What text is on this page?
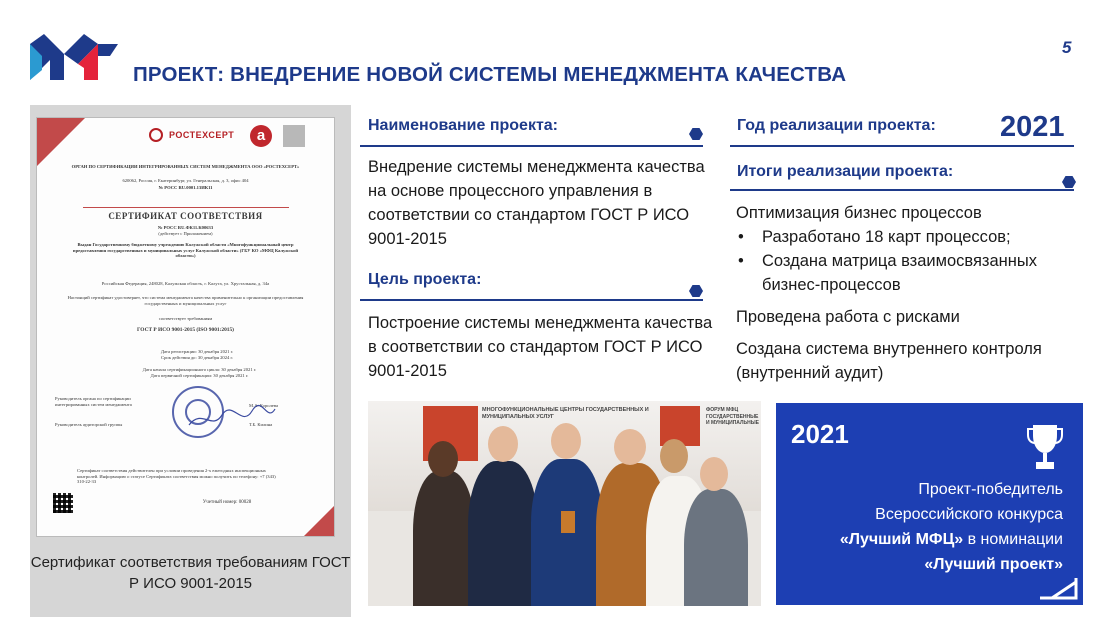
ПРОЕКТ: ВНЕДРЕНИЕ НОВОЙ СИСТЕМЫ МЕНЕДЖМЕНТА КАЧЕСТВА
5
РОСТЕХСЕРТ	a
ОРГАН ПО СЕРТИФИКАЦИИ ИНТЕГРИРОВАННЫХ СИСТЕМ МЕНЕДЖМЕНТА ООО «РОСТЕХСЕРТ»
620062, Россия, г. Екатеринбург, ул. Генеральская, д. 3, офис 404
№ РОСС RU.0001.13ИК11
СЕРТИФИКАТ СООТВЕТСТВИЯ
№ РОСС RU.ФК11.К00633
(действует с Приложением)
Выдан Государственному бюджетному учреждению Калужской области «Многофункциональный центр предоставления государственных и муниципальных услуг Калужской области» (ГБУ КО «МФЦ Калужской области»)
Российская Федерация, 248028, Калужская область, г. Калуга, ул. Хрустальная, д. 34а
Настоящий сертификат удостоверяет, что система менеджмента качества применительно к организации предоставления государственных и муниципальных услуг
соответствует требованиям
ГОСТ Р ИСО 9001-2015 (ISO 9001:2015)
Дата регистрации: 30 декабря 2021 г.
Срок действия до: 30 декабря 2024 г.
Дата начала сертификационного цикла: 30 декабря 2021 г.
Дата первичной сертификации: 30 декабря 2021 г.
Руководитель органа по сертификации интегрированных систем менеджмента	М.А. Королева
Руководитель аудиторской группы	Т.Б. Килина
Сертификат соответствия действителен при условии проведения 2-х ежегодных инспекционных контролей. Информацию о статусе Сертификата соответствия можно получить по телефону: +7 (343) 310-22-33
Учетный номер: 00028
Сертификат соответствия требованиям ГОСТ Р ИСО 9001-2015
Наименование проекта:
Внедрение системы менеджмента качества на основе процессного управления в соответствии со стандартом ГОСТ Р ИСО 9001-2015
Цель проекта:
Построение системы менеджмента качества в соответствии со стандартом ГОСТ Р ИСО 9001-2015
Год реализации проекта: 2021
Итоги реализации проекта:
Оптимизация бизнес процессов
• Разработано 18 карт процессов;
• Создана матрица взаимосвязанных бизнес-процессов
Проведена работа с рисками
Создана система внутреннего контроля (внутренний аудит)
МНОГОФУНКЦИОНАЛЬНЫЕ ЦЕНТРЫ ГОСУДАРСТВЕННЫХ И МУНИЦИПАЛЬНЫХ УСЛУГ
ФОРУМ МФЦ ГОСУДАРСТВЕННЫЕ И МУНИЦИПАЛЬНЫЕ 2021
Проект-победитель
Всероссийского конкурса
«Лучший МФЦ» в номинации
«Лучший проект»
